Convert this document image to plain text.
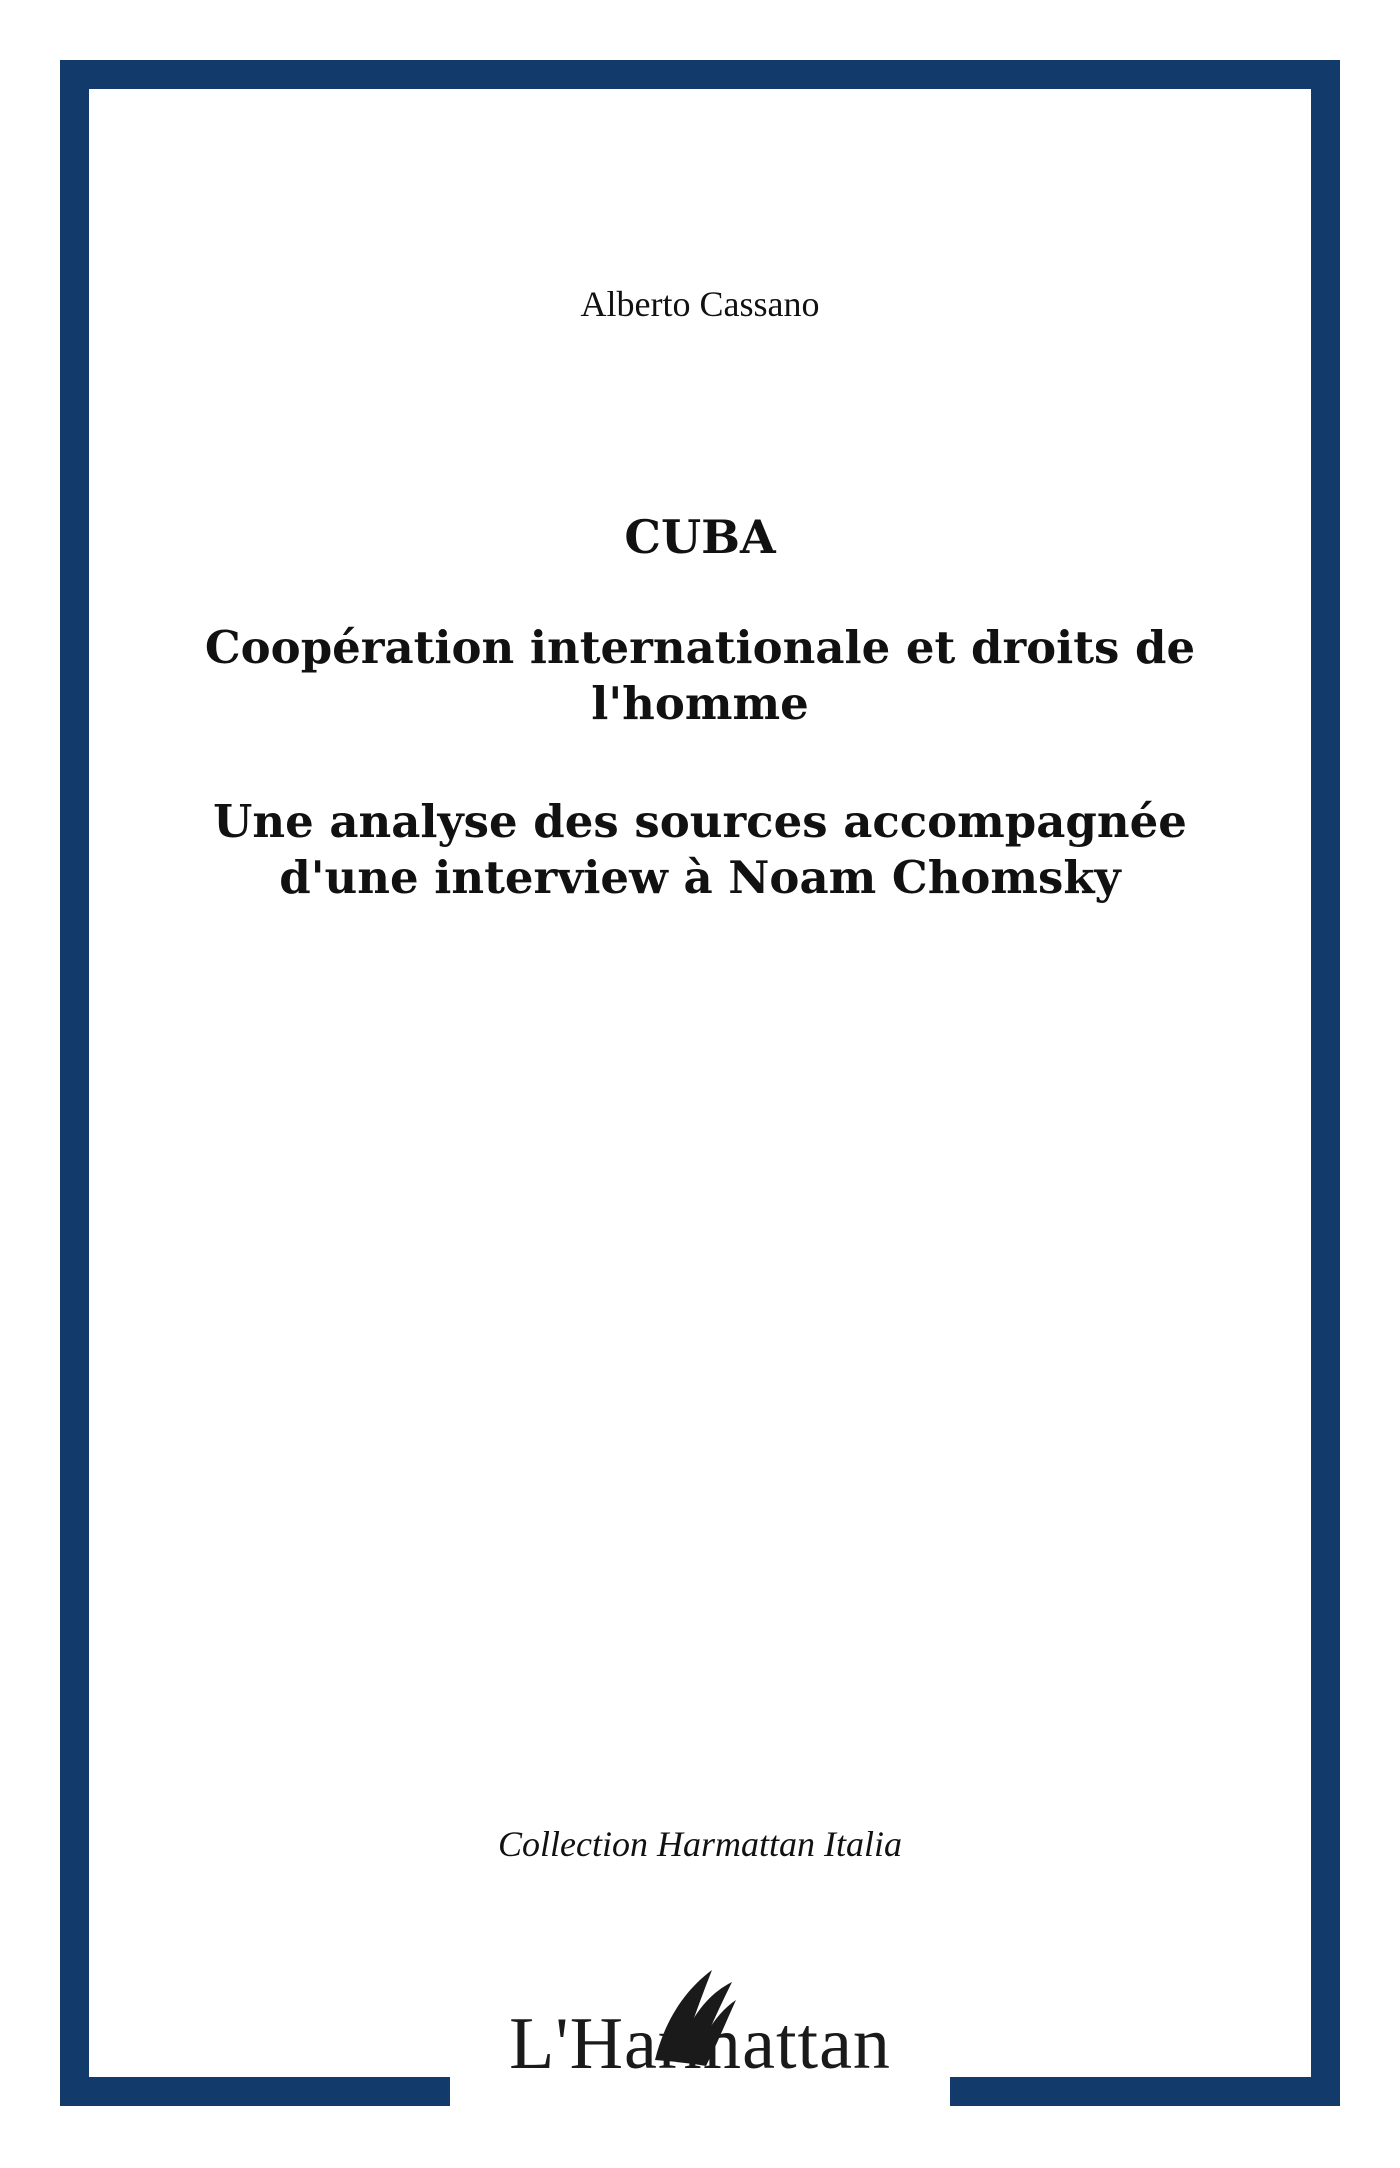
Alberto Cassano
CUBA
Coopération internationale et droits de
l'homme
Une analyse des sources accompagnée
d'une interview à Noam Chomsky
Collection Harmattan Italia
L'Harmattan
